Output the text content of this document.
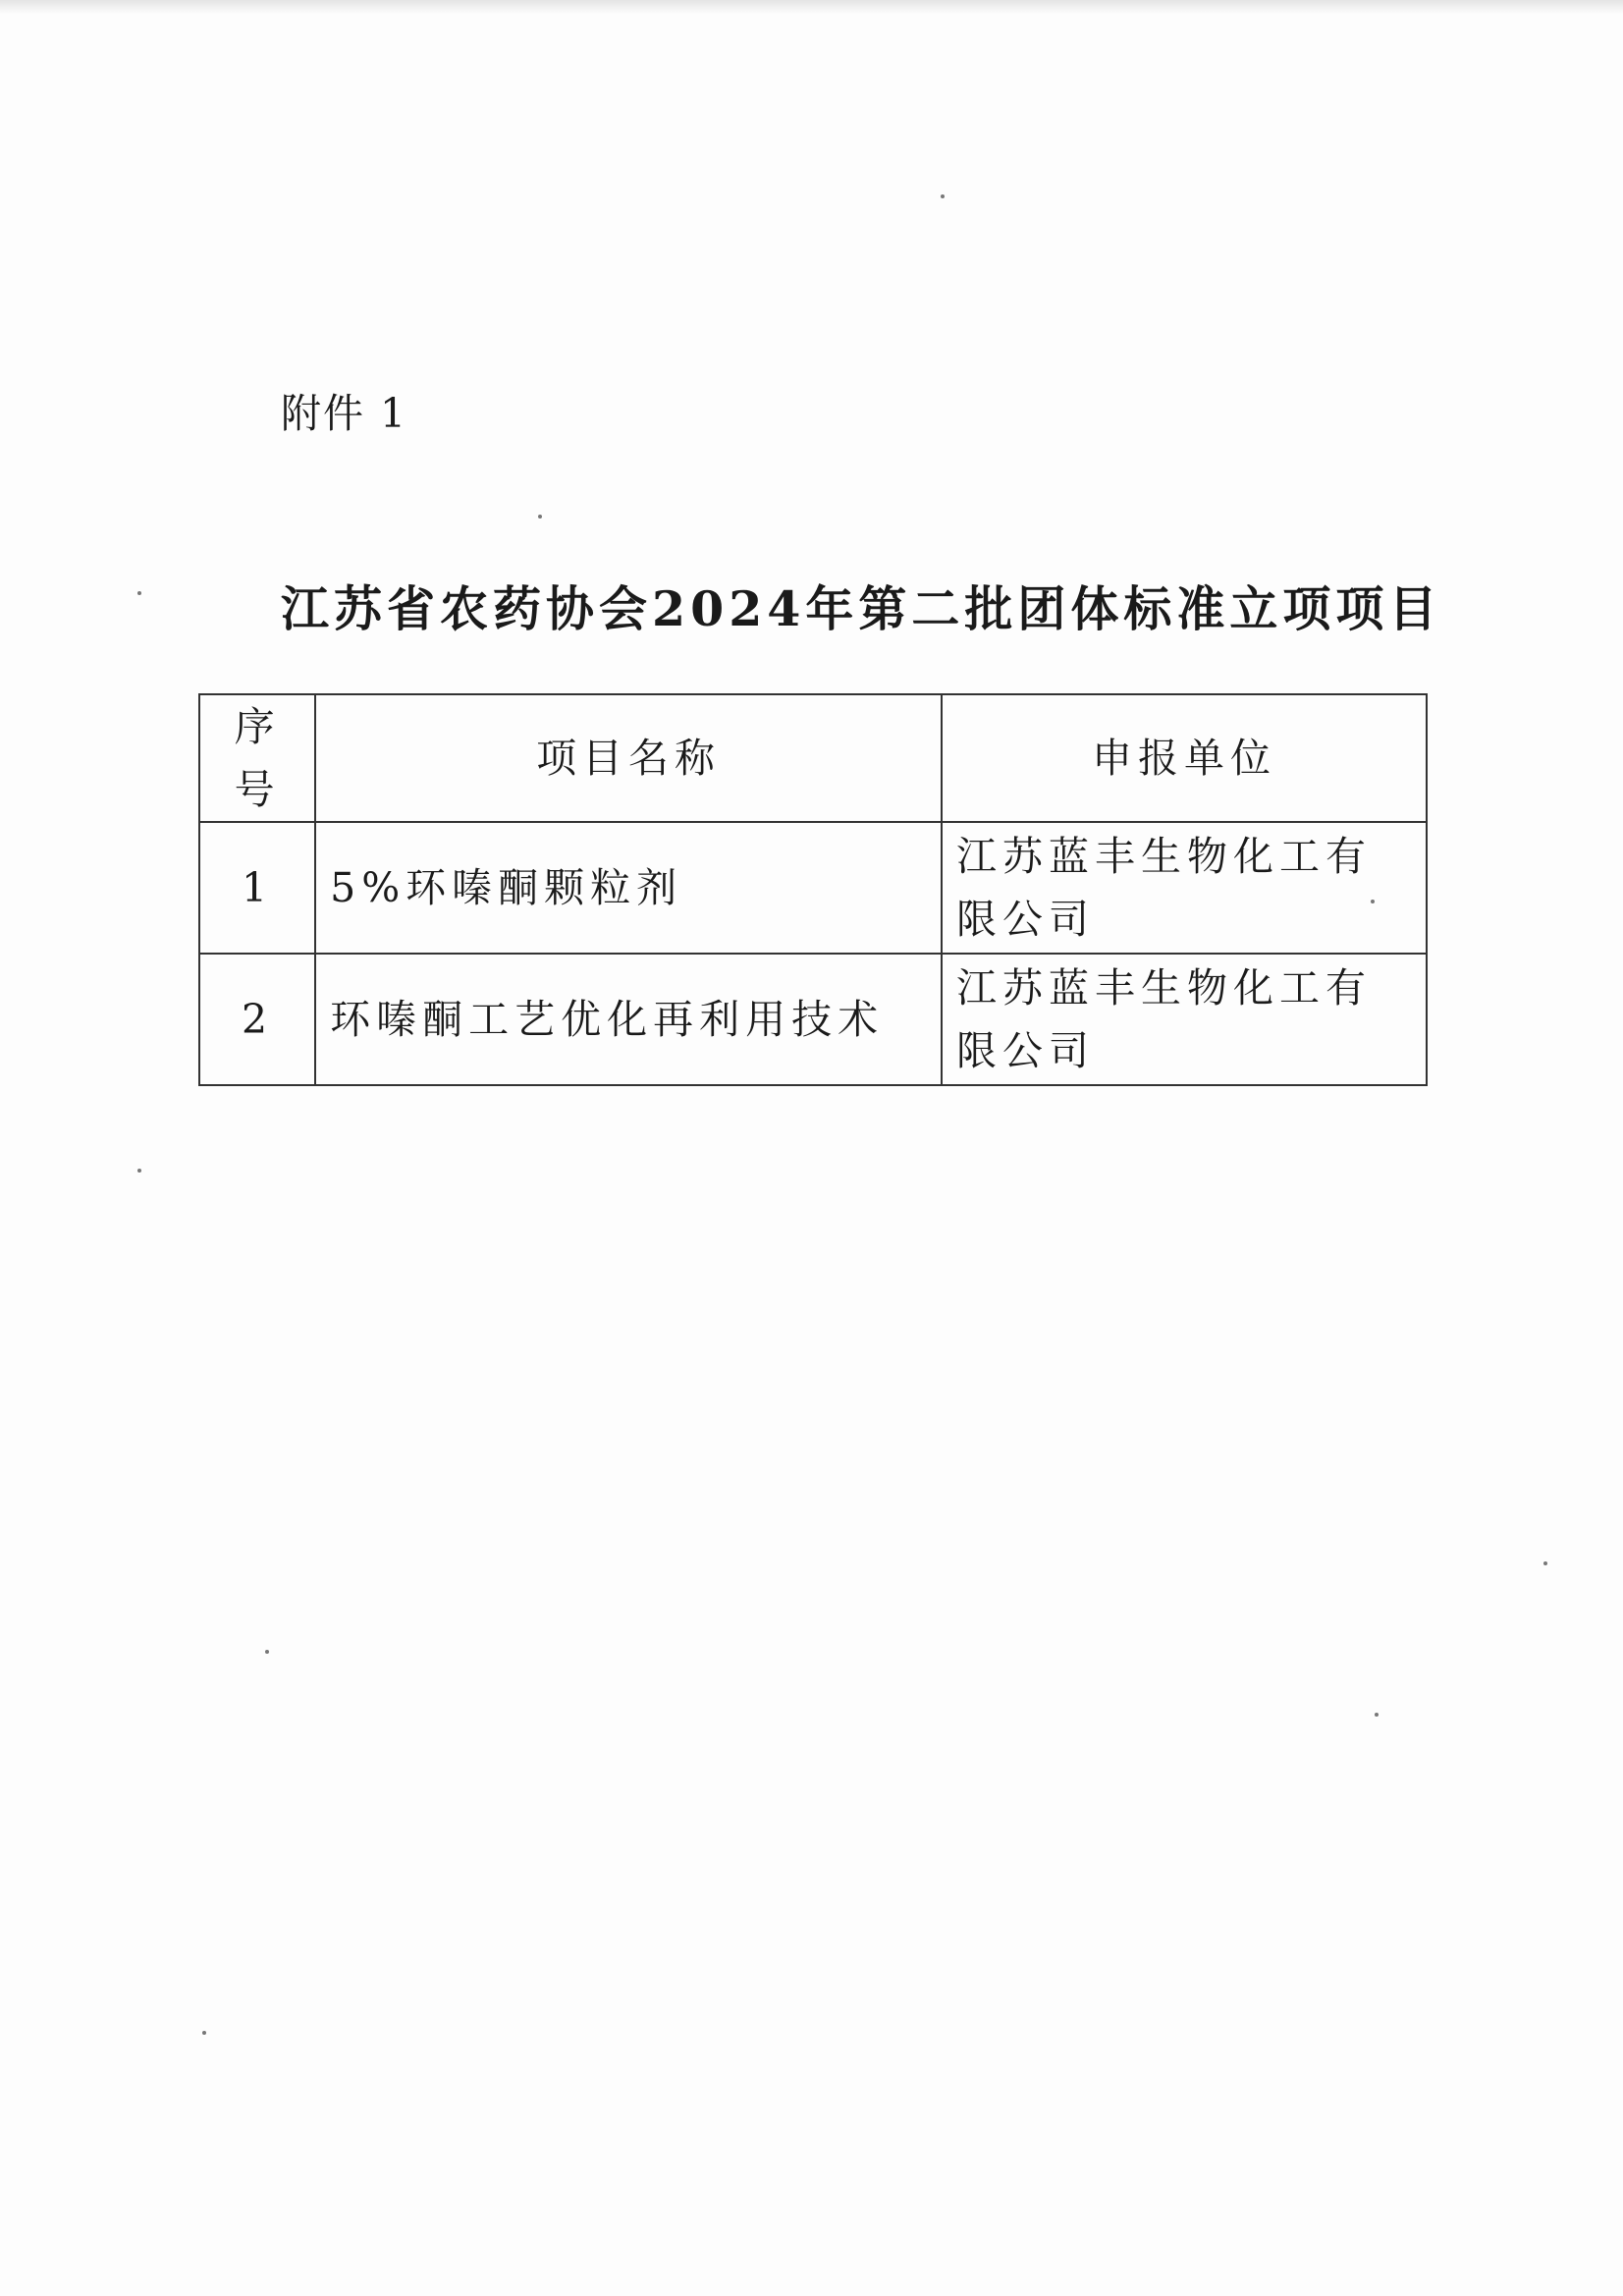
附件 1
江苏省农药协会2024年第二批团体标准立项项目
序号	项目名称	申报单位
1	5%环嗪酮颗粒剂	江苏蓝丰生物化工有限公司
2	环嗪酮工艺优化再利用技术	江苏蓝丰生物化工有限公司
